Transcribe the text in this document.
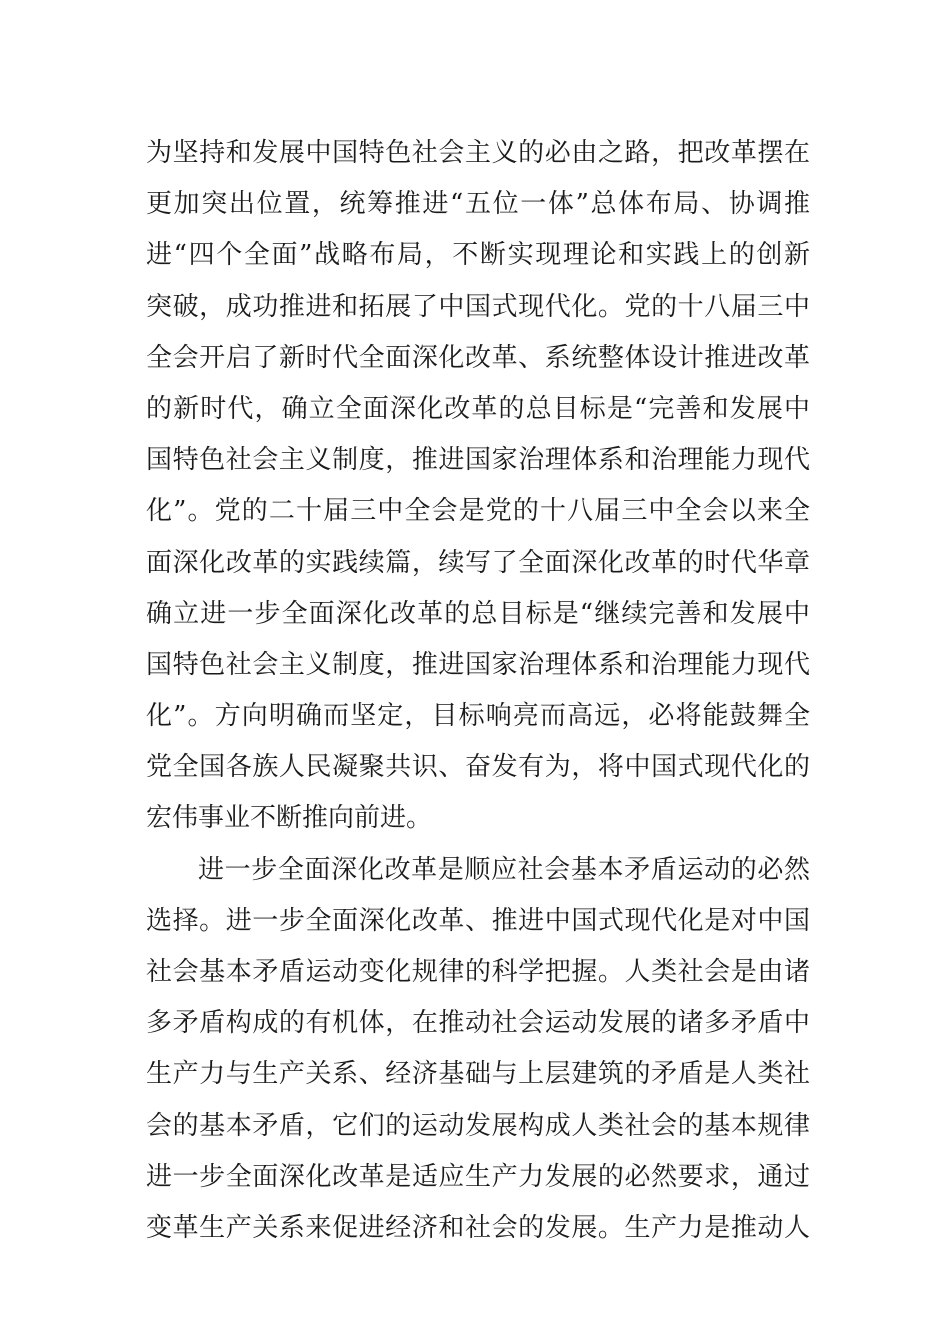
为坚持和发展中国特色社会主义的必由之路，把改革摆在
更加突出位置，统筹推进“五位一体”总体布局、协调推
进“四个全面”战略布局，不断实现理论和实践上的创新
突破，成功推进和拓展了中国式现代化。党的十八届三中
全会开启了新时代全面深化改革、系统整体设计推进改革
的新时代，确立全面深化改革的总目标是“完善和发展中
国特色社会主义制度，推进国家治理体系和治理能力现代
化”。党的二十届三中全会是党的十八届三中全会以来全
面深化改革的实践续篇，续写了全面深化改革的时代华章
确立进一步全面深化改革的总目标是“继续完善和发展中
国特色社会主义制度，推进国家治理体系和治理能力现代
化”。方向明确而坚定，目标响亮而高远，必将能鼓舞全
党全国各族人民凝聚共识、奋发有为，将中国式现代化的
宏伟事业不断推向前进。
进一步全面深化改革是顺应社会基本矛盾运动的必然
选择。进一步全面深化改革、推进中国式现代化是对中国
社会基本矛盾运动变化规律的科学把握。人类社会是由诸
多矛盾构成的有机体，在推动社会运动发展的诸多矛盾中
生产力与生产关系、经济基础与上层建筑的矛盾是人类社
会的基本矛盾，它们的运动发展构成人类社会的基本规律
进一步全面深化改革是适应生产力发展的必然要求，通过
变革生产关系来促进经济和社会的发展。生产力是推动人
